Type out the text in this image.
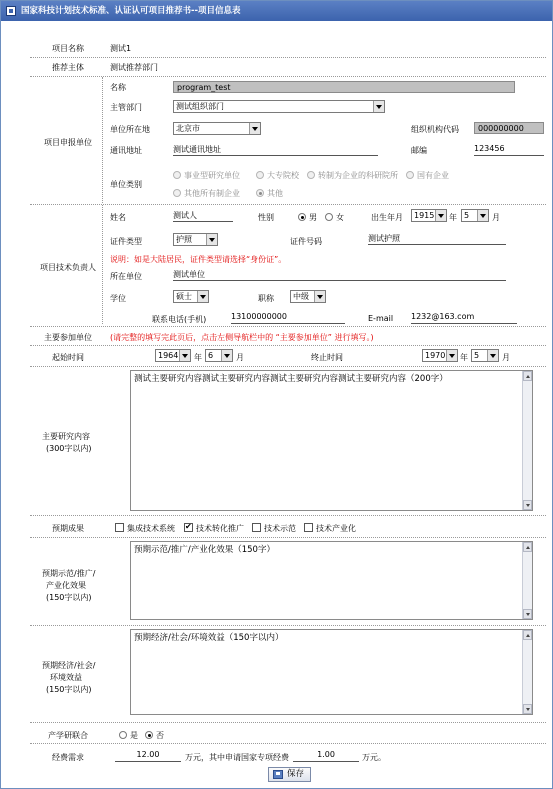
国家科技计划技术标准、认证认可项目推荐书--项目信息表
项目名称	测试1
推荐主体	测试推荐部门
项目申报单位
名称	program_test
主管部门	测试组织部门
单位所在地	北京市	组织机构代码	000000000
通讯地址	测试通讯地址	邮编	123456
单位类别
事业型研究单位	大专院校 转制为企业的科研院所 国有企业
其他所有制企业	其他
项目技术负责人
姓名	测试人	性别	男 女	出生年月	1915	年 5	月
证件类型	护照	证件号码	测试护照
说明：如是大陆居民，证件类型请选择“身份证”。
所在单位	测试单位
学位	硕士	职称	中级
联系电话(手机)	13100000000	E-mail 1232@163.com
主要参加单位 (请完整的填写完此页后，点击左侧导航栏中的 “主要参加单位” 进行填写。)
起始时间	1964	年 6	月	终止时间	1970	年 5	月
主要研究内容
(300字以内)
测试主要研究内容测试主要研究内容测试主要研究内容测试主要研究内容（200字）
预期成果	集成技术系统
✔	技术转化推广	技术示范	技术产业化
预期示范/推广/
产业化效果
(150字以内)
预期示范/推广/产业化效果（150字）
预期经济/社会/
环境效益
(150字以内)
预期经济/社会/环境效益（150字以内）
产学研联合	是 否
经费需求	12.00	万元，其中申请国家专项经费	1.00	万元。
保存
